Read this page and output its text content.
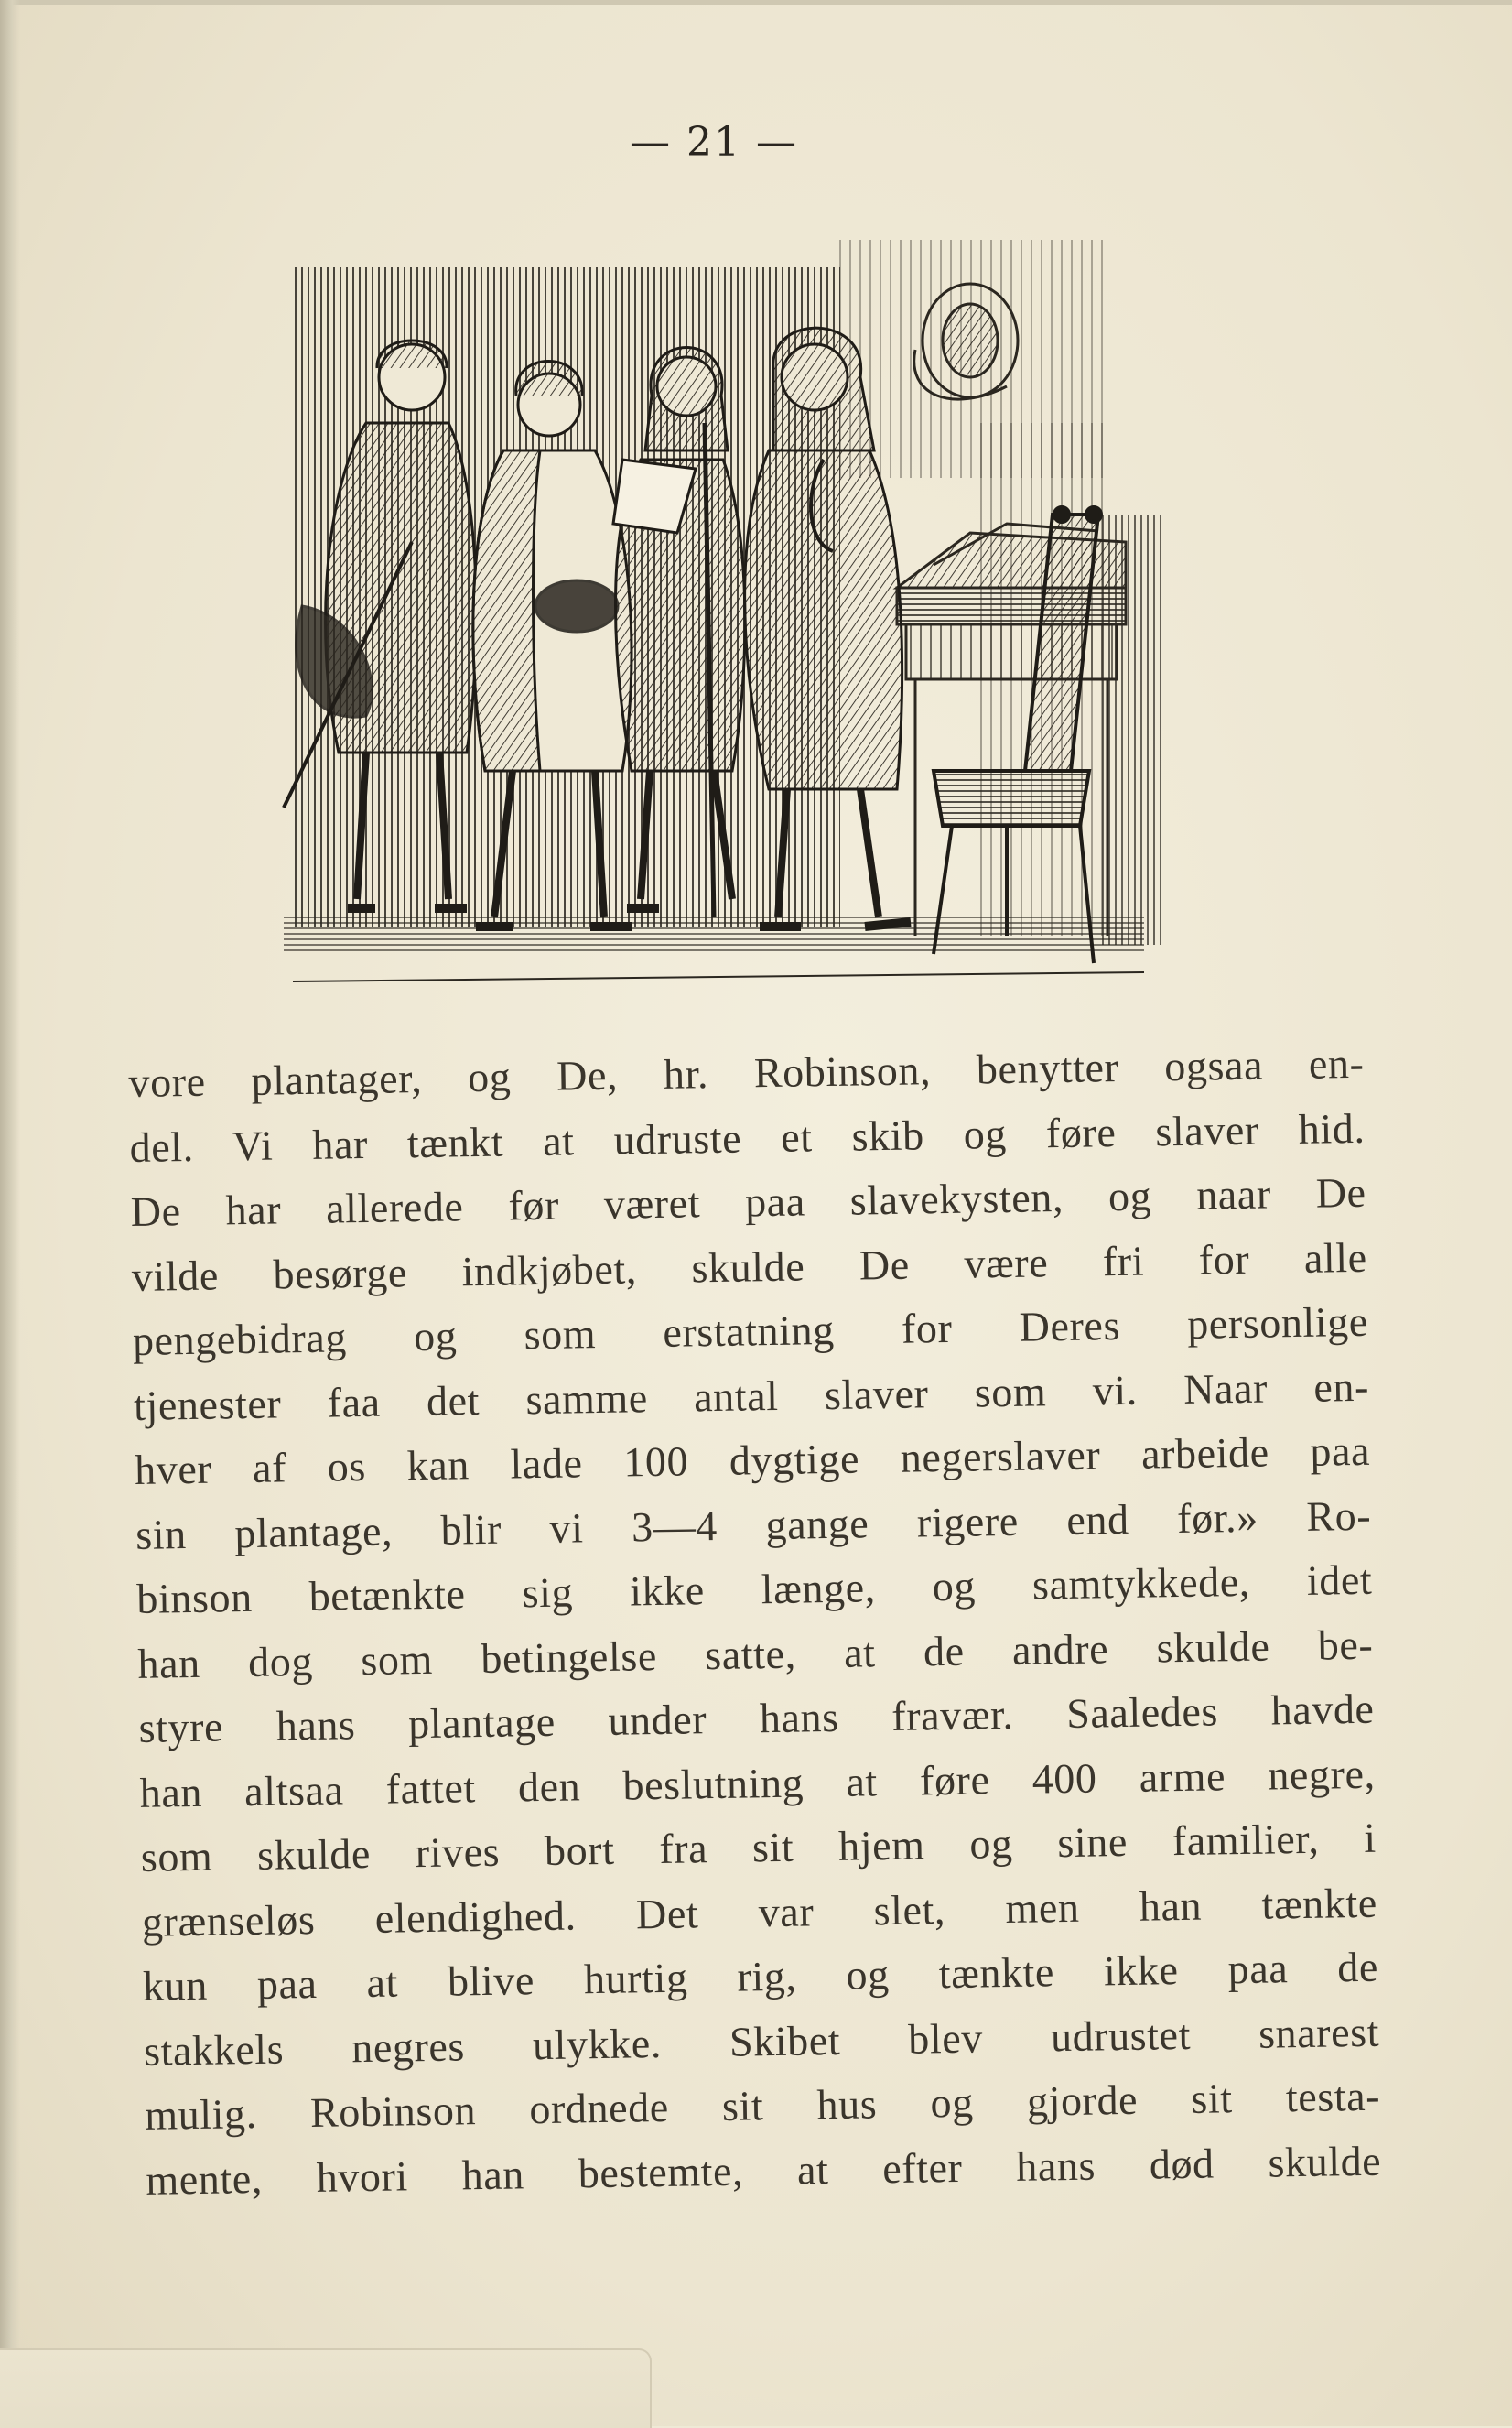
— 21 —
vore plantager, og De, hr. Robinson, benytter ogsaa en-
del. Vi har tænkt at udruste et skib og føre slaver hid.
De har allerede før været paa slavekysten, og naar De
vilde besørge indkjøbet, skulde De være fri for alle
pengebidrag og som erstatning for Deres personlige
tjenester faa det samme antal slaver som vi. Naar en-
hver af os kan lade 100 dygtige negerslaver arbeide paa
sin plantage, blir vi 3—4 gange rigere end før.» Ro-
binson betænkte sig ikke længe, og samtykkede, idet
han dog som betingelse satte, at de andre skulde be-
styre hans plantage under hans fravær. Saaledes havde
han altsaa fattet den beslutning at føre 400 arme negre,
som skulde rives bort fra sit hjem og sine familier, i
grænseløs elendighed. Det var slet, men han tænkte
kun paa at blive hurtig rig, og tænkte ikke paa de
stakkels negres ulykke. Skibet blev udrustet snarest
mulig. Robinson ordnede sit hus og gjorde sit testa-
mente, hvori han bestemte, at efter hans død skulde
